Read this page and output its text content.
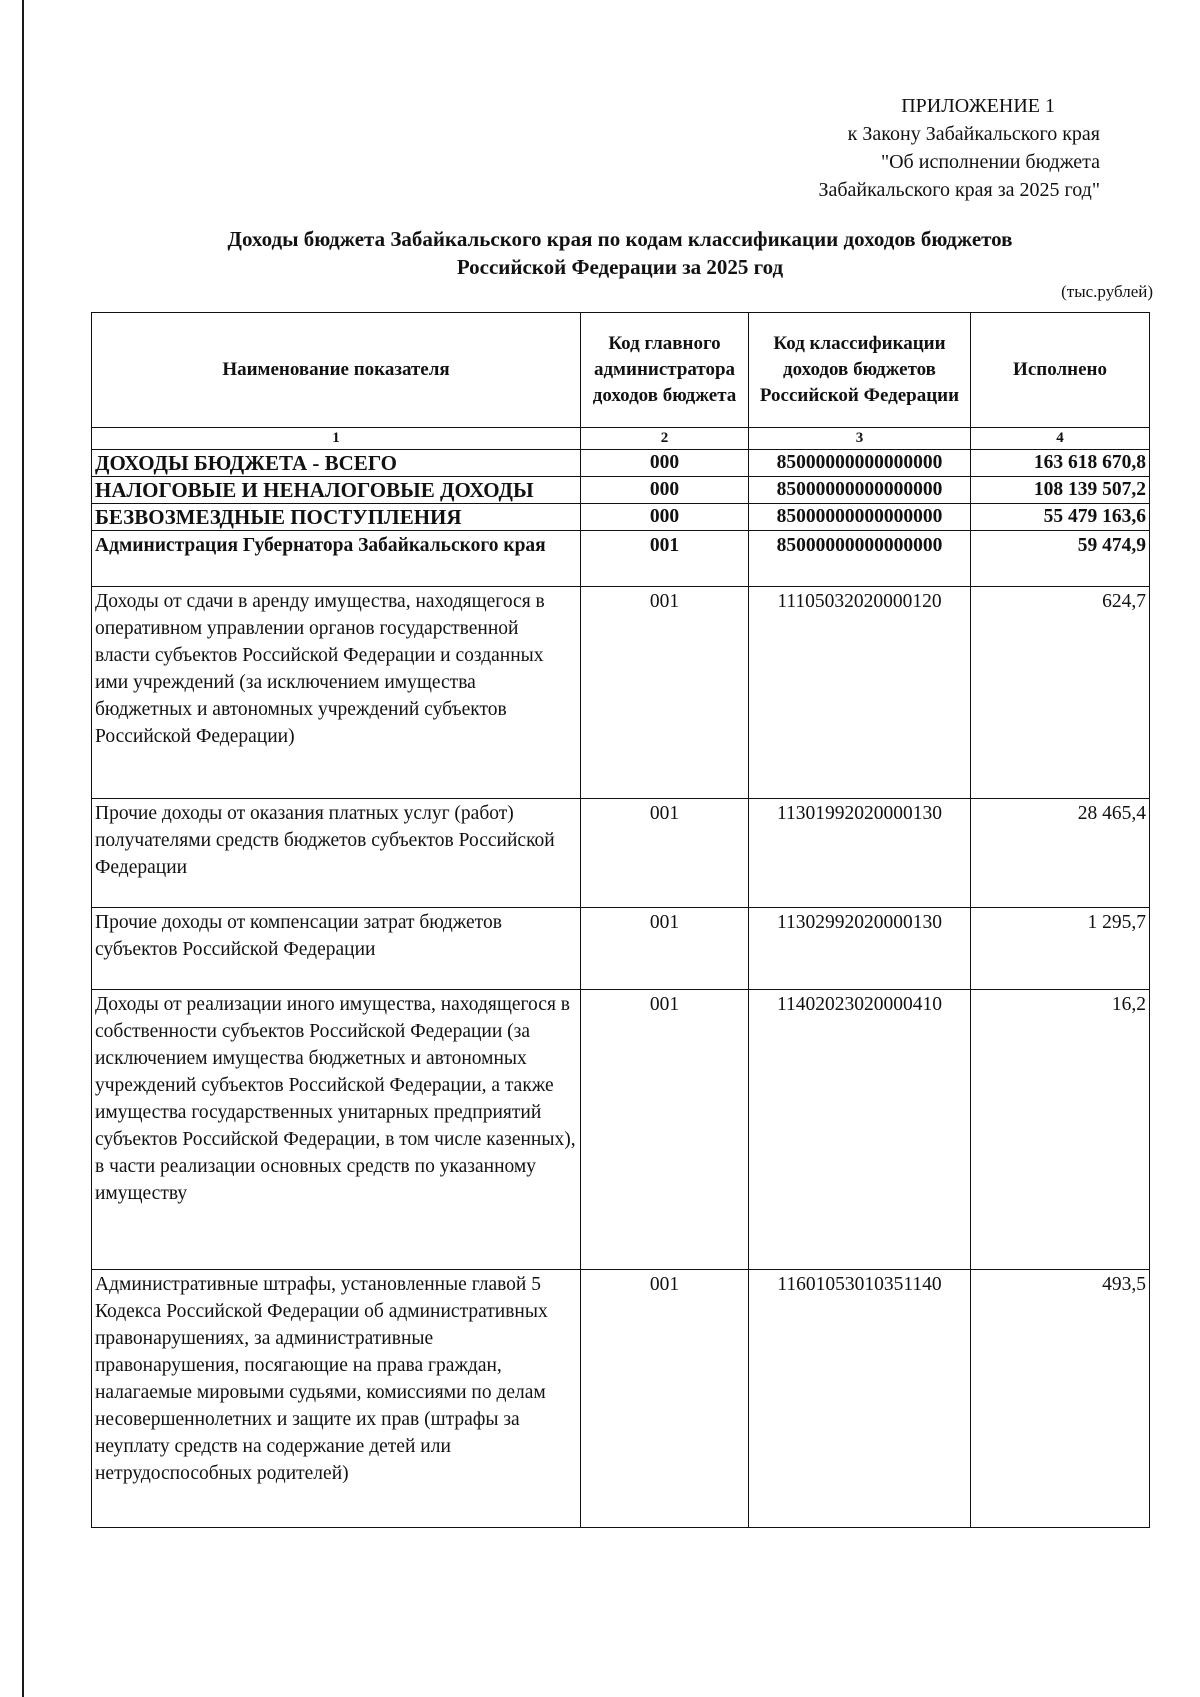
ПРИЛОЖЕНИЕ 1
к Закону Забайкальского края
"Об исполнении бюджета
Забайкальского края за 2025 год"
Доходы бюджета Забайкальского края по кодам классификации доходов бюджетов
Российской Федерации за 2025 год
(тыс.рублей)
Наименование показателя	Код главного администратора доходов бюджета	Код классификации доходов бюджетов Российской Федерации	Исполнено
1	2	3	4
ДОХОДЫ БЮДЖЕТА - ВСЕГО	000	85000000000000000	163 618 670,8
НАЛОГОВЫЕ И НЕНАЛОГОВЫЕ ДОХОДЫ	000	85000000000000000	108 139 507,2
БЕЗВОЗМЕЗДНЫЕ ПОСТУПЛЕНИЯ	000	85000000000000000	55 479 163,6
Администрация Губернатора Забайкальского края	001	85000000000000000	59 474,9
Доходы от сдачи в аренду имущества, находящегося в оперативном управлении органов государственной власти субъектов Российской Федерации и созданных ими учреждений (за исключением имущества бюджетных и автономных учреждений субъектов Российской Федерации)	001	11105032020000120	624,7
Прочие доходы от оказания платных услуг (работ) получателями средств бюджетов субъектов Российской Федерации	001	11301992020000130	28 465,4
Прочие доходы от компенсации затрат бюджетов субъектов Российской Федерации	001	11302992020000130	1 295,7
Доходы от реализации иного имущества, находящегося в собственности субъектов Российской Федерации (за исключением имущества бюджетных и автономных учреждений субъектов Российской Федерации, а также имущества государственных унитарных предприятий субъектов Российской Федерации, в том числе казенных), в части реализации основных средств по указанному имуществу	001	11402023020000410	16,2
Административные штрафы, установленные главой 5 Кодекса Российской Федерации об административных правонарушениях, за административные правонарушения, посягающие на права граждан, налагаемые мировыми судьями, комиссиями по делам несовершеннолетних и защите их прав (штрафы за неуплату средств на содержание детей или нетрудоспособных родителей)	001	11601053010351140	493,5
